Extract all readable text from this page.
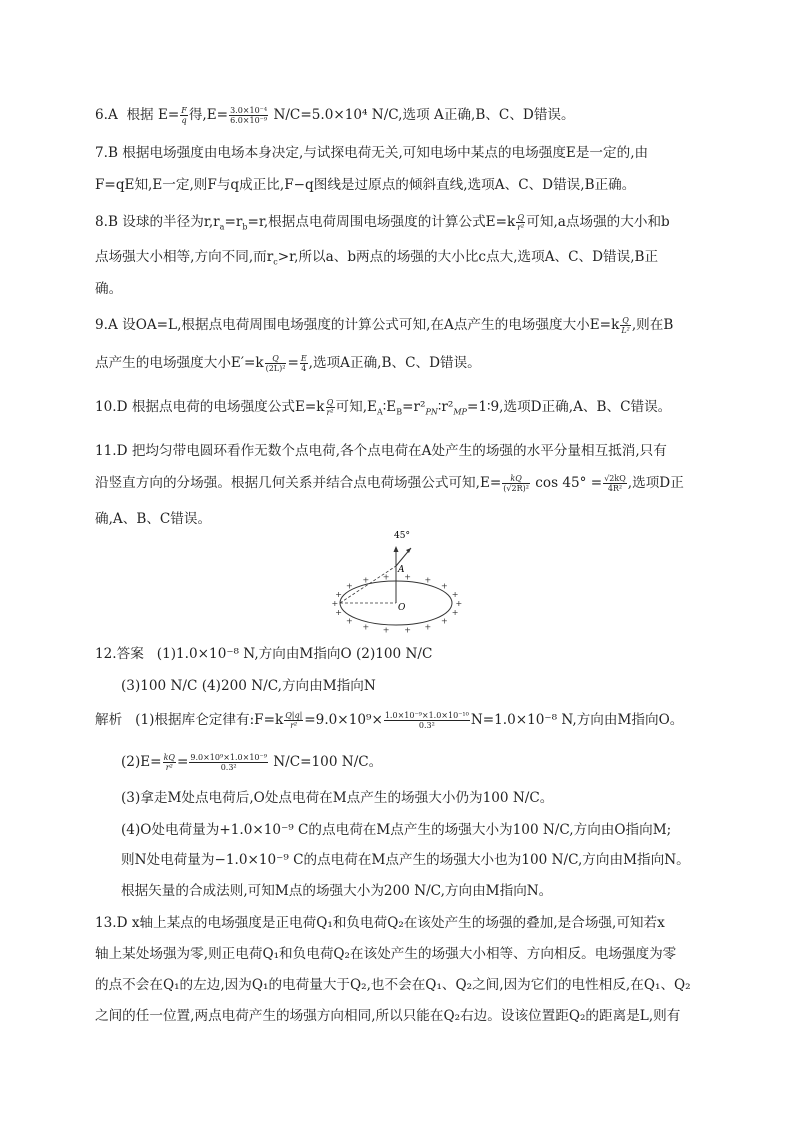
6.A 根据 $E= \frac{F}{q}$ 得$,E= \frac{\text{3.0×10⁻⁴}}{\text{6.0×10⁻⁹}} N/C=5.0\times 10^4$ N/C,选项 A正确,B、C、D错误。
7.B 根据电场强度由电场本身决定,与试探电荷无关,可知电场中某点的电场强度E是一定的,由
F=qE知,E一定,则F与q成正比,F−q图线是过原点的倾斜直线,选项A、C、D错误,B正确。
8.B 设球的半径为$r,r_a=r_b=r$,根据点电荷周围电场强度的计算公式$E=k \frac{Q}{\text{r²}}$ 可知,a点场强的大小和b
点场强大小相等,方向不同,而$r_c>r$,所以a、b两点的场强的大小比c点大,选项A、C、D错误,B正
确。
9.A 设OA=L,根据点电荷周围电场强度的计算公式可知,在A点产生的电场强度大小$E=k \frac{Q}{\text{L²}}$ ,则在B
点产生的电场强度大小$E'=k \frac{Q}{\text{(2L)²}} = \frac{E}{4}$ ,选项A正确,B、C、D错误。
10.D 根据点电荷的电场强度公式$E=k \frac{Q}{\text{r²}}$ 可知$,E_A∶E_B=r^2_{PN}∶r^2_{MP}=1∶9$,选项D正确,A、B、C错误。
11.D 把均匀带电圆环看作无数个点电荷,各个点电荷在A处产生的场强的水平分量相互抵消,只有
沿竖直方向的分场强。根据几何关系并结合点电荷场强公式可知$,E= \frac{kQ}{\text{(√2R)²}}$ $\cos 45^\circ = \frac{√2kQ}{\text{4R²}}$ ,选项D正
确,A、B、C错误。
45°
A
O	+
+
+
+
+
+
+
+
+
+
+
+
+ + + +
+
+
12.答案 (1)1.0×10⁻⁸ N,方向由M指向O (2)100 N/C
(3)100 N/C (4)200 N/C,方向由M指向N
解析 (1)根据库仑定律有:F=k $\frac{Q|q|}{\text{r²}} =9.0\times 10^9\times \frac{\text{1.0×10⁻⁹×1.0×10⁻¹⁰}}{\text{0.3²}} N=1.0\times 10^{-8}$ N,方向由M指向O。
$(2)E= \frac{kQ}{\text{r²}} = \frac{\text{9.0×10⁹×1.0×10⁻⁹}}{\text{0.3²}} N/C=100$ N/C。
(3)拿走M处点电荷后,O处点电荷在M点产生的场强大小仍为100 N/C。
(4)O处电荷量为+1.0×10⁻⁹ C的点电荷在M点产生的场强大小为100 N/C,方向由O指向M;
则N处电荷量为−1.0×10⁻⁹ C的点电荷在M点产生的场强大小也为100 N/C,方向由M指向N。
根据矢量的合成法则,可知M点的场强大小为200 N/C,方向由M指向N。
13.D x轴上某点的电场强度是正电荷Q₁和负电荷Q₂在该处产生的场强的叠加,是合场强,可知若x
轴上某处场强为零,则正电荷Q₁和负电荷Q₂在该处产生的场强大小相等、方向相反。电场强度为零
的点不会在Q₁的左边,因为Q₁的电荷量大于Q₂,也不会在Q₁、Q₂之间,因为它们的电性相反,在Q₁、Q₂
之间的任一位置,两点电荷产生的场强方向相同,所以只能在Q₂右边。设该位置距Q₂的距离是L,则有
